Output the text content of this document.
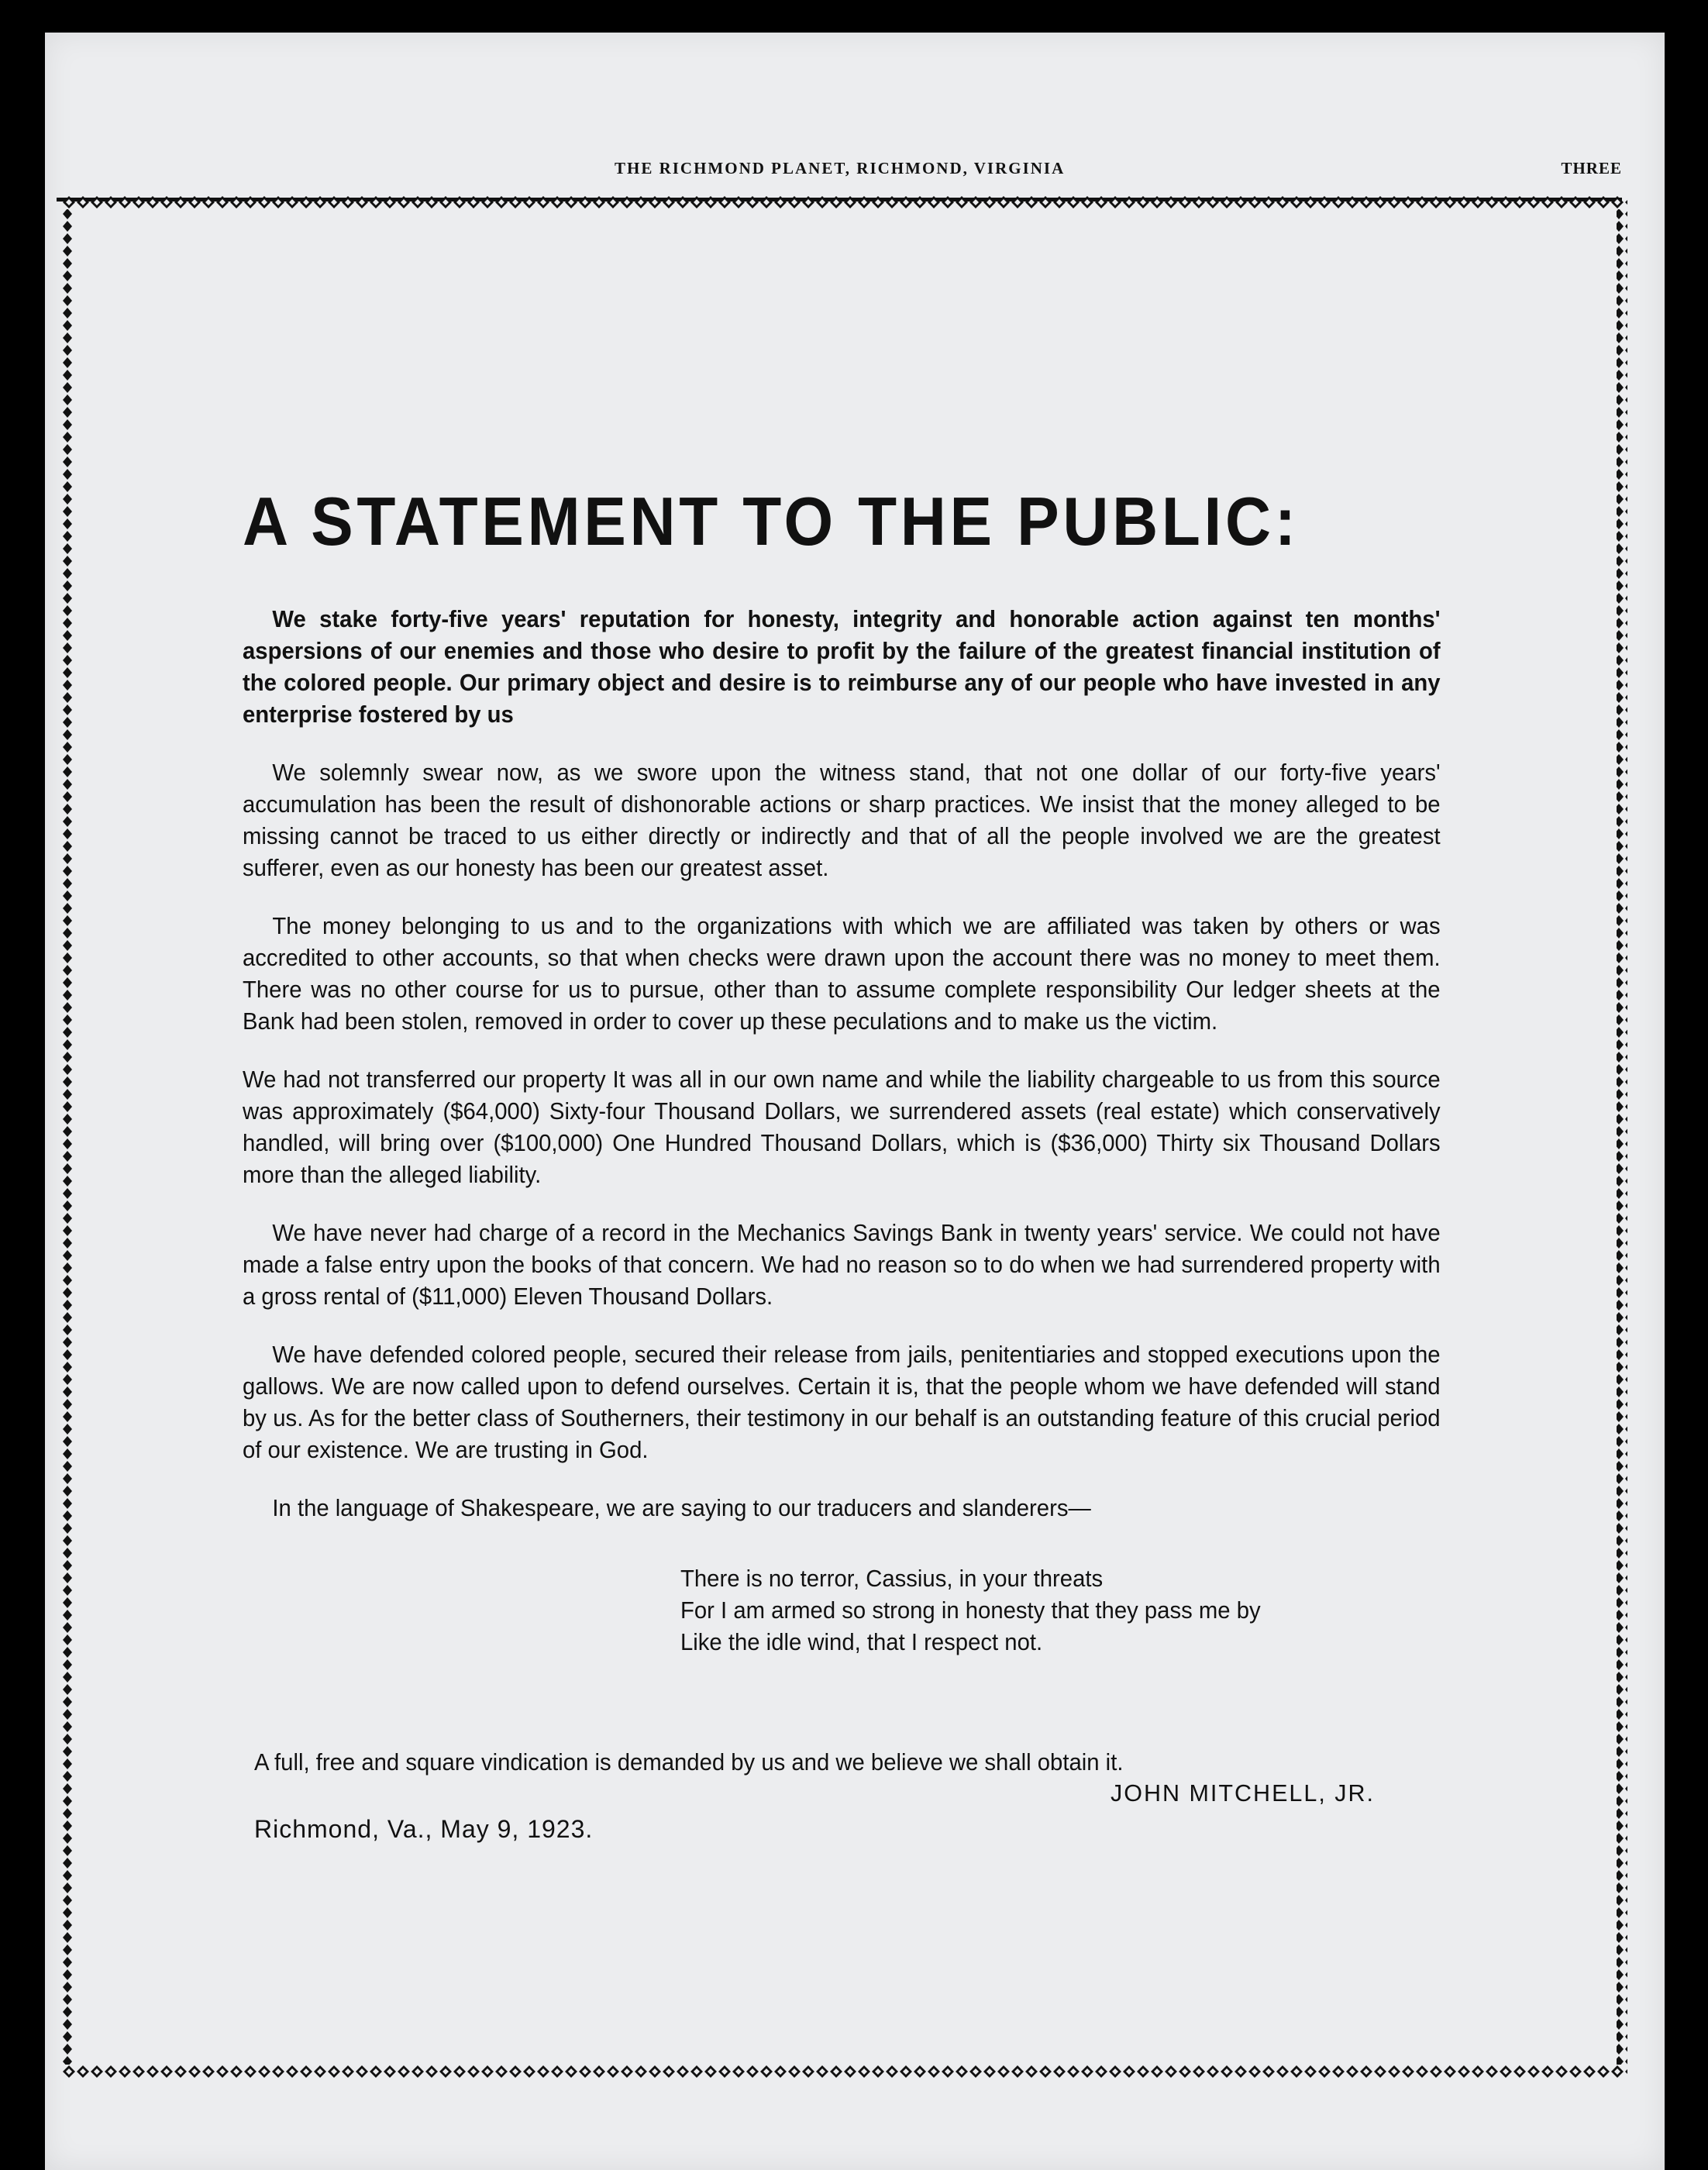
THE RICHMOND PLANET, RICHMOND, VIRGINIA	THREE
A STATEMENT TO THE PUBLIC:

We stake forty-five years' reputation for honesty, integrity and honorable action against ten months' aspersions of our enemies and those who desire to profit by the failure of the greatest financial institution of the colored people. Our primary object and desire is to reimburse any of our people who have invested in any enterprise fostered by us

We solemnly swear now, as we swore upon the witness stand, that not one dollar of our forty-five years' accumulation has been the result of dishonorable actions or sharp practices. We insist that the money alleged to be missing cannot be traced to us either directly or indirectly and that of all the people involved we are the greatest sufferer, even as our honesty has been our greatest asset.

The money belonging to us and to the organizations with which we are affiliated was taken by others or was accredited to other accounts, so that when checks were drawn upon the account there was no money to meet them. There was no other course for us to pursue, other than to assume complete responsibility Our ledger sheets at the Bank had been stolen, removed in order to cover up these peculations and to make us the victim.

We had not transferred our property It was all in our own name and while the liability chargeable to us from this source was approximately ($64,000) Sixty-four Thousand Dollars, we surrendered assets (real estate) which conservatively handled, will bring over ($100,000) One Hundred Thousand Dollars, which is ($36,000) Thirty six Thousand Dollars more than the alleged liability.

We have never had charge of a record in the Mechanics Savings Bank in twenty years' service. We could not have made a false entry upon the books of that concern. We had no reason so to do when we had surrendered property with a gross rental of ($11,000) Eleven Thousand Dollars.

We have defended colored people, secured their release from jails, penitentiaries and stopped executions upon the gallows. We are now called upon to defend ourselves. Certain it is, that the people whom we have defended will stand by us. As for the better class of Southerners, their testimony in our behalf is an outstanding feature of this crucial period of our existence. We are trusting in God.

In the language of Shakespeare, we are saying to our traducers and slanderers—

There is no terror, Cassius, in your threats
For I am armed so strong in honesty that they pass me by
Like the idle wind, that I respect not.
A full, free and square vindication is demanded by us and we believe we shall obtain it.
JOHN MITCHELL, JR.
Richmond, Va., May 9, 1923.
